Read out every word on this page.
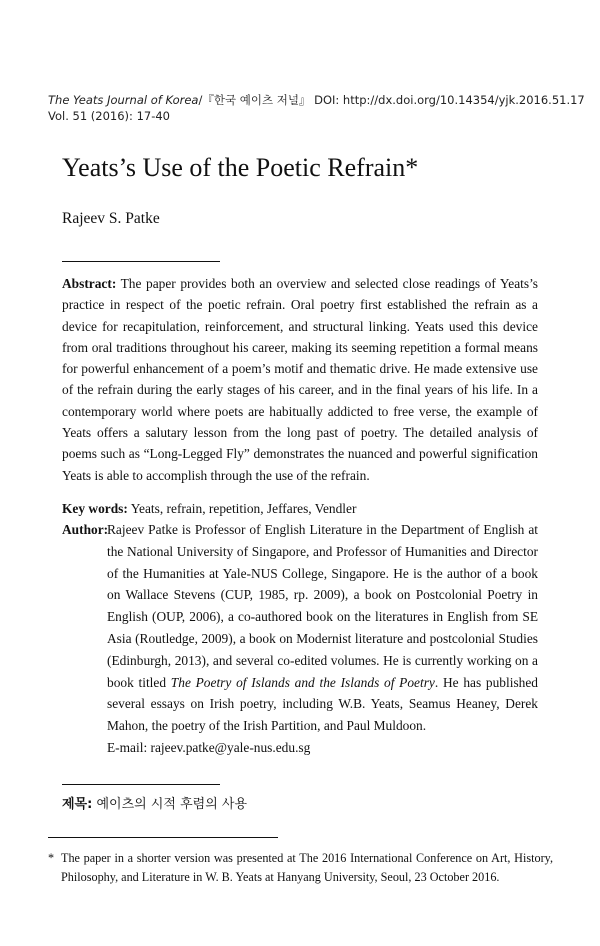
The Yeats Journal of Korea/『한국 예이츠 저널』 DOI: http://dx.doi.org/10.14354/yjk.2016.51.17
Vol. 51 (2016): 17-40
Yeats’s Use of the Poetic Refrain*
Rajeev S. Patke
Abstract: The paper provides both an overview and selected close readings of Yeats’s practice in respect of the poetic refrain. Oral poetry first established the refrain as a device for recapitulation, reinforcement, and structural linking. Yeats used this device from oral traditions throughout his career, making its seeming repetition a formal means for powerful enhancement of a poem’s motif and thematic drive. He made extensive use of the refrain during the early stages of his career, and in the final years of his life. In a contemporary world where poets are habitually addicted to free verse, the example of Yeats offers a salutary lesson from the long past of poetry. The detailed analysis of poems such as “Long-Legged Fly” demonstrates the nuanced and powerful signification Yeats is able to accomplish through the use of the refrain.
Key words: Yeats, refrain, repetition, Jeffares, Vendler
Author:
Rajeev Patke is Professor of English Literature in the Department of English at the National University of Singapore, and Professor of Humanities and Director of the Humanities at Yale-NUS College, Singapore. He is the author of a book on Wallace Stevens (CUP, 1985, rp. 2009), a book on Postcolonial Poetry in English (OUP, 2006), a co-authored book on the literatures in English from SE Asia (Routledge, 2009), a book on Modernist literature and postcolonial Studies (Edinburgh, 2013), and several co-edited volumes. He is currently working on a book titled The Poetry of Islands and the Islands of Poetry. He has published several essays on Irish poetry, including W.B. Yeats, Seamus Heaney, Derek Mahon, the poetry of the Irish Partition, and Paul Muldoon.
E-mail: rajeev.patke@yale-nus.edu.sg
제목: 예이츠의 시적 후렴의 사용
* The paper in a shorter version was presented at The 2016 International Conference on Art, History, Philosophy, and Literature in W. B. Yeats at Hanyang University, Seoul, 23 October 2016.
